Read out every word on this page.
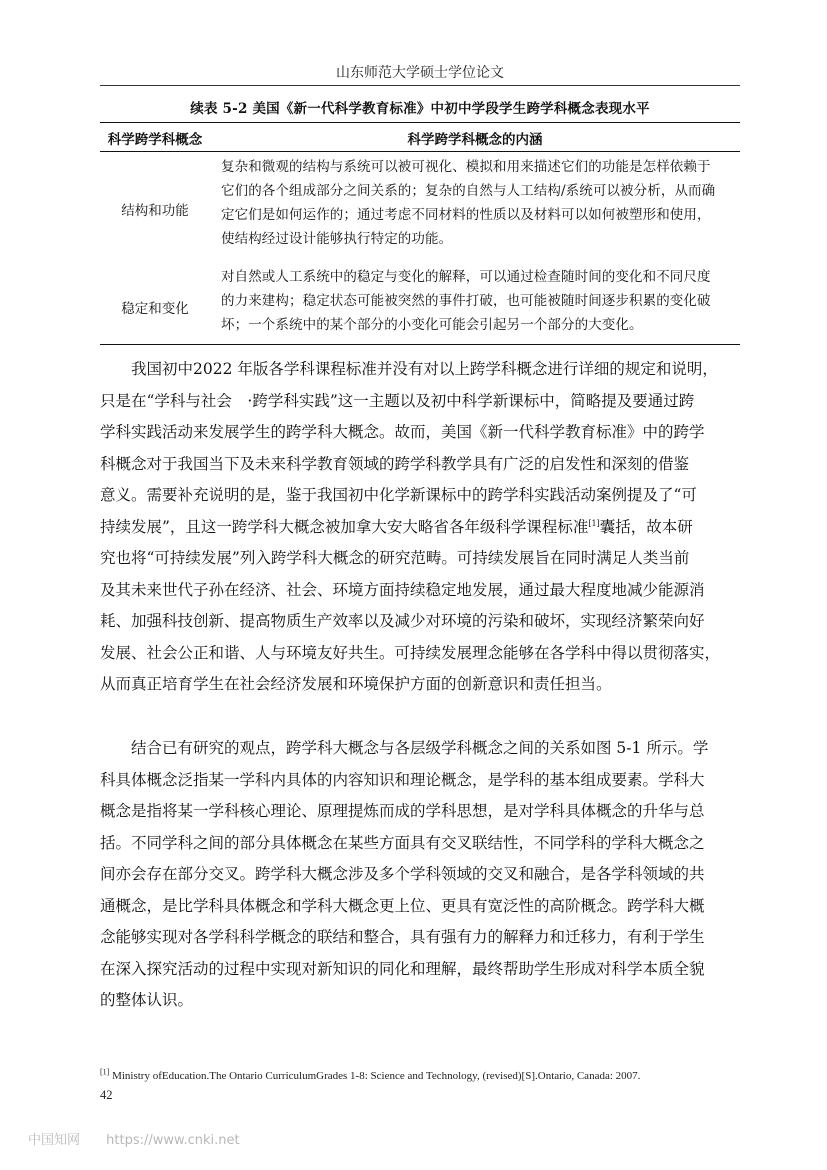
山东师范大学硕士学位论文
续表 5-2 美国《新一代科学教育标准》中初中学段学生跨学科概念表现水平
科学跨学科概念	科学跨学科概念的内涵
结构和功能
复杂和微观的结构与系统可以被可视化、模拟和用来描述它们的功能是怎样依赖于
它们的各个组成部分之间关系的；复杂的自然与人工结构/系统可以被分析，从而确
定它们是如何运作的；通过考虑不同材料的性质以及材料可以如何被塑形和使用，
使结构经过设计能够执行特定的功能。
稳定和变化
对自然或人工系统中的稳定与变化的解释，可以通过检查随时间的变化和不同尺度
的力来建构；稳定状态可能被突然的事件打破，也可能被随时间逐步积累的变化破
坏；一个系统中的某个部分的小变化可能会引起另一个部分的大变化。
　　我国初中2022 年版各学科课程标准并没有对以上跨学科概念进行详细的规定和说明，
只是在“学科与社会　·跨学科实践”这一主题以及初中科学新课标中，简略提及要通过跨
学科实践活动来发展学生的跨学科大概念。故而，美国《新一代科学教育标准》中的跨学
科概念对于我国当下及未来科学教育领域的跨学科教学具有广泛的启发性和深刻的借鉴
意义。需要补充说明的是，鉴于我国初中化学新课标中的跨学科实践活动案例提及了“可
持续发展”，且这一跨学科大概念被加拿大安大略省各年级科学课程标准[1]囊括，故本研
究也将“可持续发展”列入跨学科大概念的研究范畴。可持续发展旨在同时满足人类当前
及其未来世代子孙在经济、社会、环境方面持续稳定地发展，通过最大程度地减少能源消
耗、加强科技创新、提高物质生产效率以及减少对环境的污染和破坏，实现经济繁荣向好
发展、社会公正和谐、人与环境友好共生。可持续发展理念能够在各学科中得以贯彻落实，
从而真正培育学生在社会经济发展和环境保护方面的创新意识和责任担当。
　　结合已有研究的观点，跨学科大概念与各层级学科概念之间的关系如图 5-1 所示。学
科具体概念泛指某一学科内具体的内容知识和理论概念，是学科的基本组成要素。学科大
概念是指将某一学科核心理论、原理提炼而成的学科思想，是对学科具体概念的升华与总
括。不同学科之间的部分具体概念在某些方面具有交叉联结性，不同学科的学科大概念之
间亦会存在部分交叉。跨学科大概念涉及多个学科领域的交叉和融合，是各学科领域的共
通概念，是比学科具体概念和学科大概念更上位、更具有宽泛性的高阶概念。跨学科大概
念能够实现对各学科科学概念的联结和整合，具有强有力的解释力和迁移力，有利于学生
在深入探究活动的过程中实现对新知识的同化和理解，最终帮助学生形成对科学本质全貌
的整体认识。
[1] Ministry ofEducation.The Ontario CurriculumGrades 1-8: Science and Technology, (revised)[S].Ontario, Canada: 2007.
42
中国知网 https://www.cnki.net
